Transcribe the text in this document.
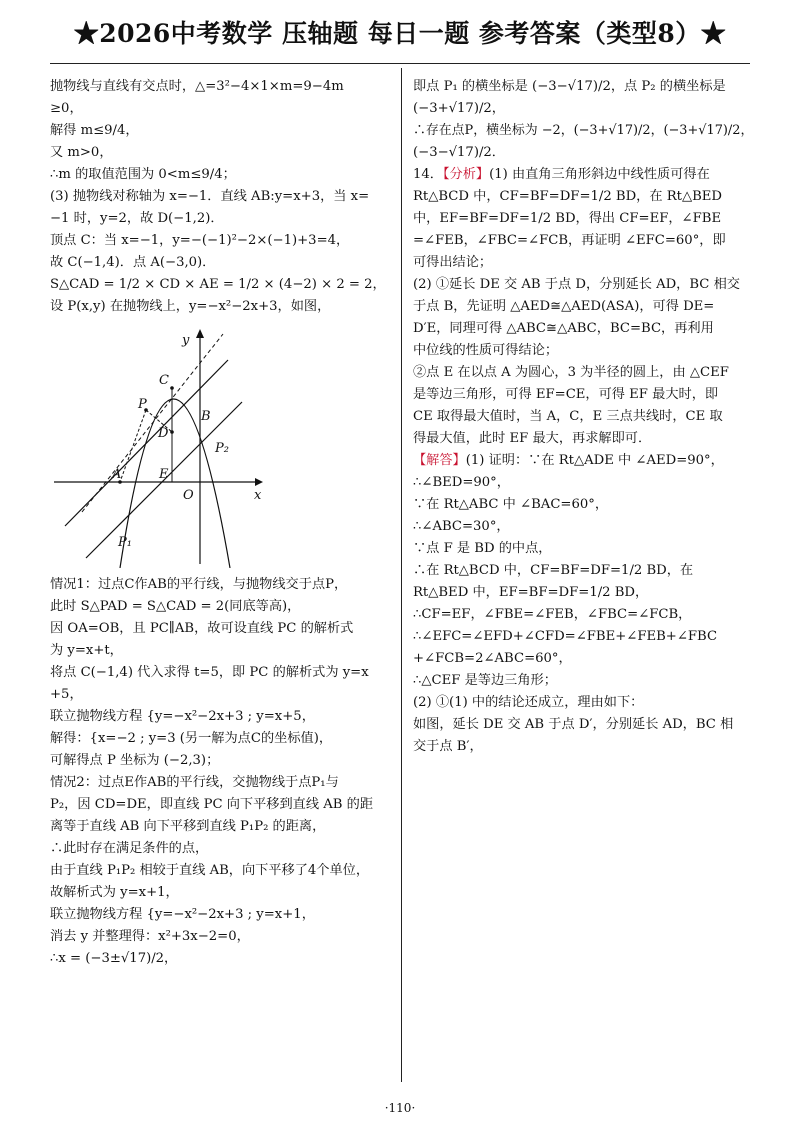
★2026中考数学 压轴题 每日一题 参考答案（类型8）★
抛物线与直线有交点时，△=3²−4×1×m=9−4m
≥0，
解得 m≤9/4，
又 m>0，
∴m 的取值范围为 0<m≤9/4；
(3) 抛物线对称轴为 x=−1．直线 AB:y=x+3，当 x=
−1 时，y=2，故 D(−1,2)．
顶点 C：当 x=−1，y=−(−1)²−2×(−1)+3=4，
故 C(−1,4)．点 A(−3,0)．
S△CAD = 1/2 × CD × AE = 1/2 × (4−2) × 2 = 2，
设 P(x,y) 在抛物线上，y=−x²−2x+3，如图，
y
x
C
P
D
B
P₂
A	E
O
P₁
情况1：过点C作AB的平行线，与抛物线交于点P，
此时 S△PAD = S△CAD = 2(同底等高)，
因 OA=OB，且 PC∥AB，故可设直线 PC 的解析式
为 y=x+t，
将点 C(−1,4) 代入求得 t=5，即 PC 的解析式为 y=x
+5，
联立抛物线方程 {y=−x²−2x+3 ; y=x+5，
解得：{x=−2 ; y=3 (另一解为点C的坐标值)，
可解得点 P 坐标为 (−2,3)；
情况2：过点E作AB的平行线，交抛物线于点P₁与
P₂，因 CD=DE，即直线 PC 向下平移到直线 AB 的距
离等于直线 AB 向下平移到直线 P₁P₂ 的距离，
∴此时存在满足条件的点，
由于直线 P₁P₂ 相较于直线 AB，向下平移了4个单位，
故解析式为 y=x+1，
联立抛物线方程 {y=−x²−2x+3 ; y=x+1，
消去 y 并整理得：x²+3x−2=0，
∴x = (−3±√17)/2，
即点 P₁ 的横坐标是 (−3−√17)/2，点 P₂ 的横坐标是
(−3+√17)/2，
∴存在点P，横坐标为 −2，(−3+√17)/2，(−3+√17)/2，
(−3−√17)/2．
14．【分析】(1) 由直角三角形斜边中线性质可得在
Rt△BCD 中，CF=BF=DF=1/2 BD，在 Rt△BED
中，EF=BF=DF=1/2 BD，得出 CF=EF，∠FBE
=∠FEB，∠FBC=∠FCB，再证明 ∠EFC=60°，即
可得出结论；
(2) ①延长 DE 交 AB 于点 D，分别延长 AD，BC 相交
于点 B，先证明 △AED≅△AED(ASA)，可得 DE=
D′E，同理可得 △ABC≅△ABC，BC=BC，再利用
中位线的性质可得结论；
②点 E 在以点 A 为圆心，3 为半径的圆上，由 △CEF
是等边三角形，可得 EF=CE，可得 EF 最大时，即
CE 取得最大值时，当 A，C，E 三点共线时，CE 取
得最大值，此时 EF 最大，再求解即可．
【解答】(1) 证明：∵在 Rt△ADE 中 ∠AED=90°，
∴∠BED=90°，
∵在 Rt△ABC 中 ∠BAC=60°，
∴∠ABC=30°，
∵点 F 是 BD 的中点，
∴在 Rt△BCD 中，CF=BF=DF=1/2 BD，在
Rt△BED 中，EF=BF=DF=1/2 BD，
∴CF=EF，∠FBE=∠FEB，∠FBC=∠FCB，
∴∠EFC=∠EFD+∠CFD=∠FBE+∠FEB+∠FBC
+∠FCB=2∠ABC=60°，
∴△CEF 是等边三角形；
(2) ①(1) 中的结论还成立，理由如下：
如图，延长 DE 交 AB 于点 D′，分别延长 AD，BC 相
交于点 B′，
·110·
